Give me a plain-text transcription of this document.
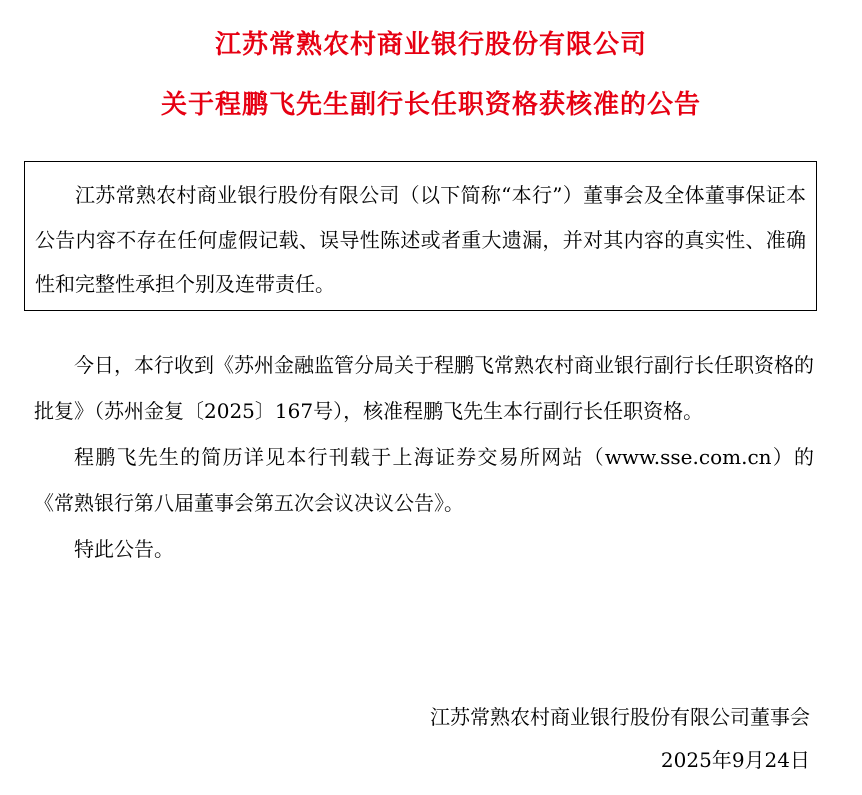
江苏常熟农村商业银行股份有限公司
关于程鹏飞先生副行长任职资格获核准的公告

江苏常熟农村商业银行股份有限公司（以下简称“本行”）董事会及全体董事保证本公告内容不存在任何虚假记载、误导性陈述或者重大遗漏，并对其内容的真实性、准确性和完整性承担个别及连带责任。

今日，本行收到《苏州金融监管分局关于程鹏飞常熟农村商业银行副行长任职资格的批复》（苏州金复〔2025〕167号），核准程鹏飞先生本行副行长任职资格。

程鹏飞先生的简历详见本行刊载于上海证券交易所网站（www.sse.com.cn）的《常熟银行第八届董事会第五次会议决议公告》。

特此公告。

江苏常熟农村商业银行股份有限公司董事会
2025年9月24日
